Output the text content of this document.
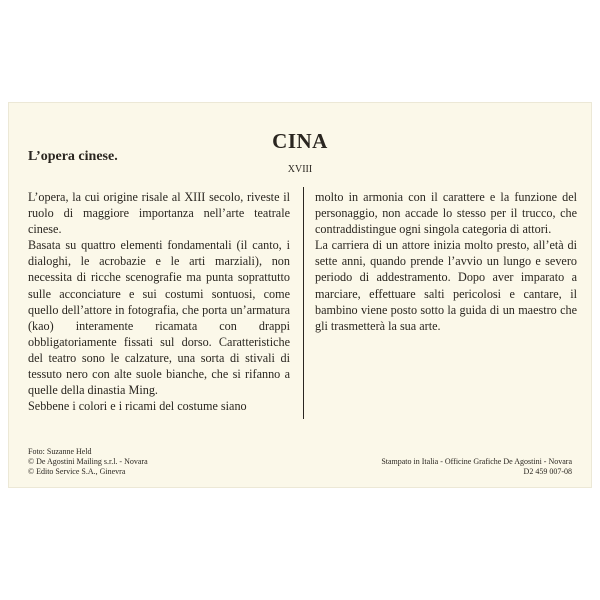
CINA
L’opera cinese.
XVIII

L’opera, la cui origine risale al XIII secolo, riveste il ruolo di maggiore importanza nell’arte teatrale cinese.

Basata su quattro elementi fondamentali (il canto, i dialoghi, le acrobazie e le arti marziali), non necessita di ricche scenografie ma punta soprattutto sulle acconciature e sui costumi sontuosi, come quello dell’attore in fotografia, che porta un’armatura (kao) interamente ricamata con drappi obbligatoriamente fissati sul dorso. Caratteristiche del teatro sono le calzature, una sorta di stivali di tessuto nero con alte suole bianche, che si rifanno a quelle della dinastia Ming.

Sebbene i colori e i ricami del costume siano

molto in armonia con il carattere e la funzione del personaggio, non accade lo stesso per il trucco, che contraddistingue ogni singola categoria di attori.

La carriera di un attore inizia molto presto, all’età di sette anni, quando prende l’avvio un lungo e severo periodo di addestramento. Dopo aver imparato a marciare, effettuare salti pericolosi e cantare, il bambino viene posto sotto la guida di un maestro che gli trasmetterà la sua arte.

Foto: Suzanne Held
© De Agostini Mailing s.r.l. - Novara
© Edito Service S.A., Ginevra
Stampato in Italia - Officine Grafiche De Agostini - Novara
D2 459 007-08
